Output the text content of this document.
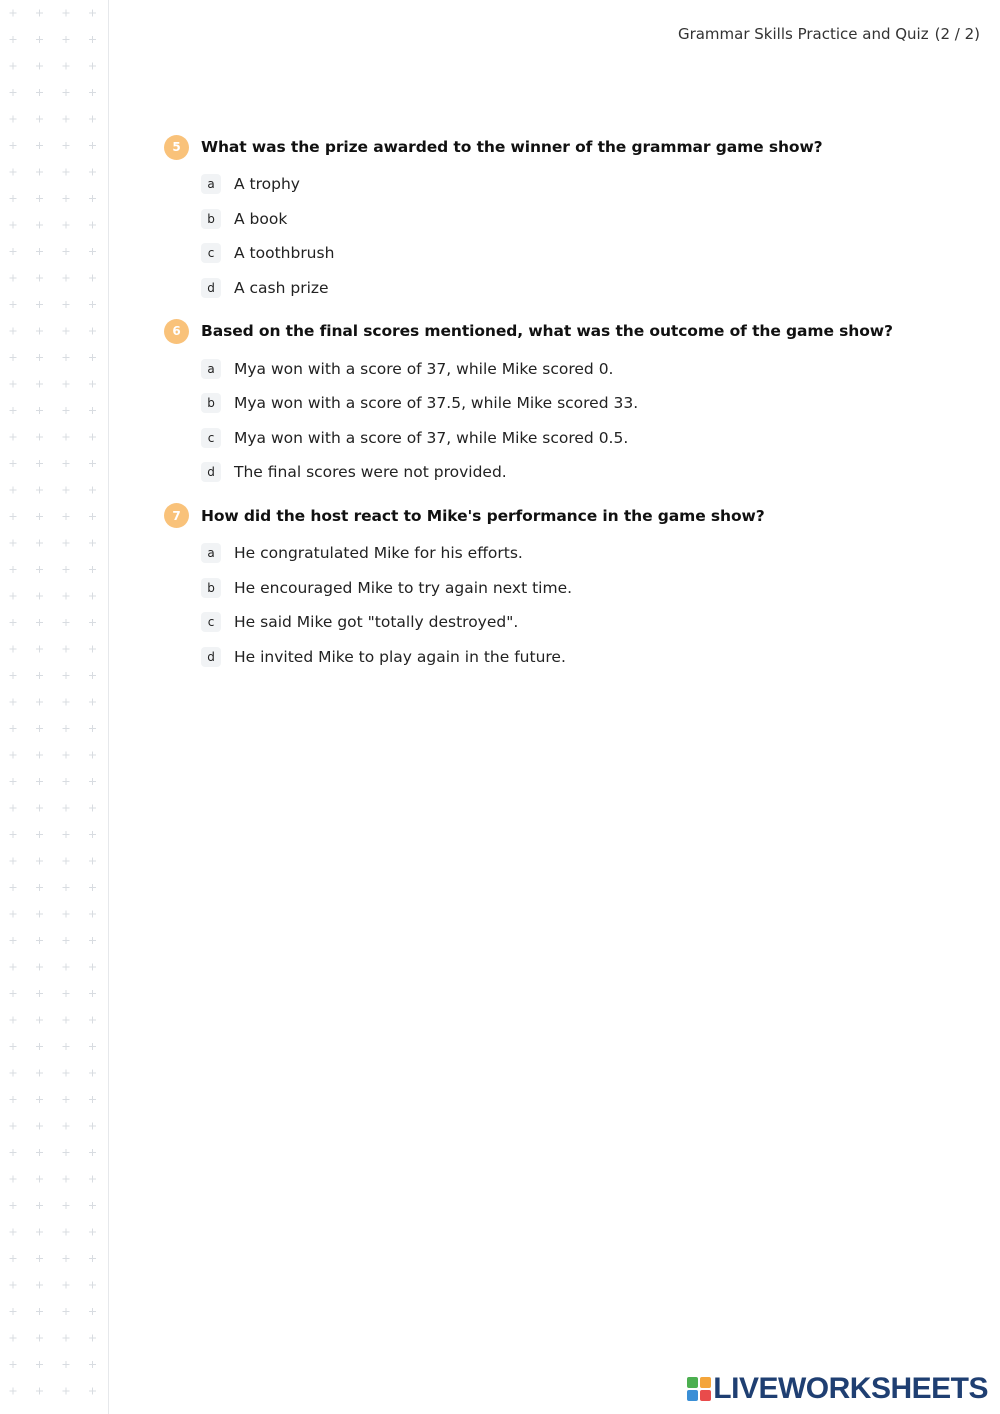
Grammar Skills Practice and Quiz (2 / 2)
5	What was the prize awarded to the winner of the grammar game show?
a	A trophy
b	A book
c	A toothbrush
d	A cash prize
6	Based on the final scores mentioned, what was the outcome of the game show?
a	Mya won with a score of 37, while Mike scored 0.
b	Mya won with a score of 37.5, while Mike scored 33.
c	Mya won with a score of 37, while Mike scored 0.5.
d	The final scores were not provided.
7	How did the host react to Mike's performance in the game show?
a	He congratulated Mike for his efforts.
b	He encouraged Mike to try again next time.
c	He said Mike got "totally destroyed".
d	He invited Mike to play again in the future.
LIVEWORKSHEETS
